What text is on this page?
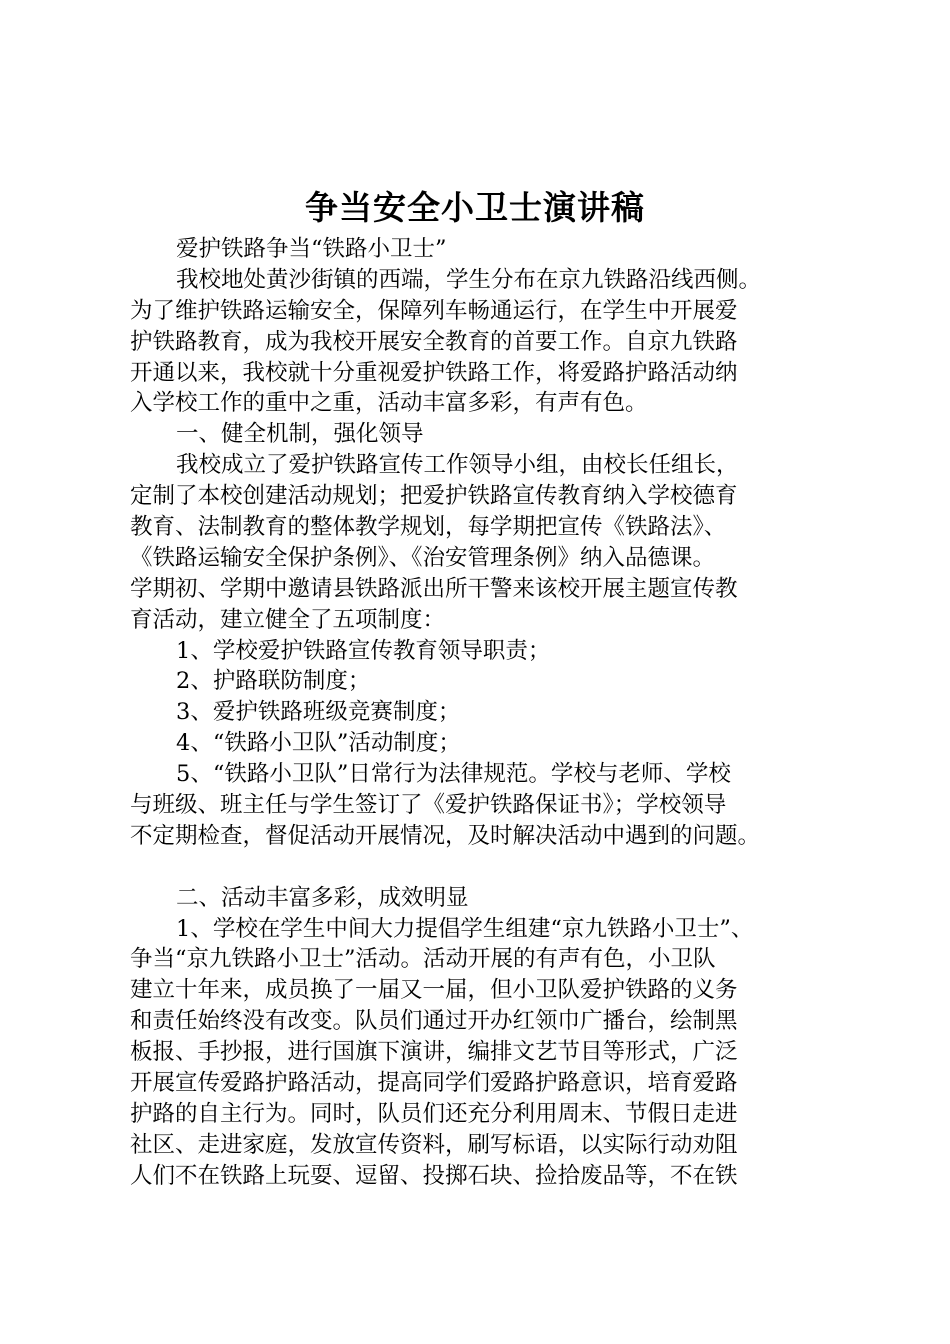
争当安全小卫士演讲稿
爱护铁路争当“铁路小卫士”
我校地处黄沙街镇的西端，学生分布在京九铁路沿线西侧。
为了维护铁路运输安全，保障列车畅通运行，在学生中开展爱
护铁路教育，成为我校开展安全教育的首要工作。自京九铁路
开通以来，我校就十分重视爱护铁路工作，将爱路护路活动纳
入学校工作的重中之重，活动丰富多彩，有声有色。
一、健全机制，强化领导
我校成立了爱护铁路宣传工作领导小组，由校长任组长，
定制了本校创建活动规划；把爱护铁路宣传教育纳入学校德育
教育、法制教育的整体教学规划，每学期把宣传《铁路法》、
《铁路运输安全保护条例》、《治安管理条例》纳入品德课。
学期初、学期中邀请县铁路派出所干警来该校开展主题宣传教
育活动，建立健全了五项制度：
1、学校爱护铁路宣传教育领导职责；
2、护路联防制度；
3、爱护铁路班级竞赛制度；
4、“铁路小卫队”活动制度；
5、“铁路小卫队”日常行为法律规范。学校与老师、学校
与班级、班主任与学生签订了《爱护铁路保证书》；学校领导
不定期检查，督促活动开展情况，及时解决活动中遇到的问题。
二、活动丰富多彩，成效明显
1、学校在学生中间大力提倡学生组建“京九铁路小卫士”、
争当“京九铁路小卫士”活动。活动开展的有声有色，小卫队
建立十年来，成员换了一届又一届，但小卫队爱护铁路的义务
和责任始终没有改变。队员们通过开办红领巾广播台，绘制黑
板报、手抄报，进行国旗下演讲，编排文艺节目等形式，广泛
开展宣传爱路护路活动，提高同学们爱路护路意识，培育爱路
护路的自主行为。同时，队员们还充分利用周末、节假日走进
社区、走进家庭，发放宣传资料，刷写标语，以实际行动劝阻
人们不在铁路上玩耍、逗留、投掷石块、捡拾废品等，不在铁
